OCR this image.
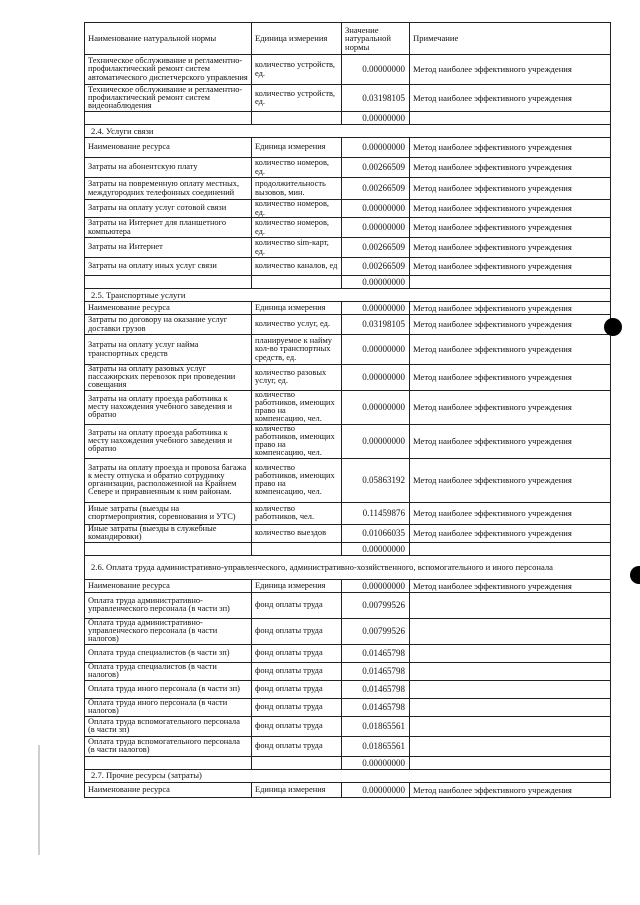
Наименование натуральной нормы	Единица измерения	Значение натуральной нормы	Примечание
Техническое обслуживание и регламентно-профилактический ремонт систем автоматического диспетчерского управления	количество устройств, ед.	0.00000000	Метод наиболее эффективного учреждения
Техническое обслуживание и регламентно-профилактический ремонт систем видеонаблюдения	количество устройств, ед.	0.03198105	Метод наиболее эффективного учреждения
		0.00000000	
2.4. Услуги связи			
Наименование ресурса	Единица измерения	0.00000000	Метод наиболее эффективного учреждения
Затраты на абонентскую плату	количество номеров, ед.	0.00266509	Метод наиболее эффективного учреждения
Затраты на повременную оплату местных, междугородних телефонных соединений	продолжительность вызовов, мин.	0.00266509	Метод наиболее эффективного учреждения
Затраты на оплату услуг сотовой связи	количество номеров, ед.	0.00000000	Метод наиболее эффективного учреждения
Затраты на Интернет для планшетного компьютера	количество номеров, ед.	0.00000000	Метод наиболее эффективного учреждения
Затраты на Интернет	количество sim-карт, ед.	0.00266509	Метод наиболее эффективного учреждения
Затраты на оплату иных услуг связи	количество каналов, ед	0.00266509	Метод наиболее эффективного учреждения
		0.00000000	
2.5. Транспортные услуги			
Наименование ресурса	Единица измерения	0.00000000	Метод наиболее эффективного учреждения
Затраты по договору на оказание услуг доставки грузов	количество услуг, ед.	0.03198105	Метод наиболее эффективного учреждения
Затраты на оплату услуг найма транспортных средств	планируемое к найму кол-во транспортных средств, ед.	0.00000000	Метод наиболее эффективного учреждения
Затраты на оплату разовых услуг пассажирских перевозок при проведении совещания	количество разовых услуг, ед.	0.00000000	Метод наиболее эффективного учреждения
Затраты на оплату проезда работника к месту нахождения учебного заведения и обратно	количество работников, имеющих право на компенсацию, чел.	0.00000000	Метод наиболее эффективного учреждения
Затраты на оплату проезда работника к месту нахождения учебного заведения и обратно	количество работников, имеющих право на компенсацию, чел.	0.00000000	Метод наиболее эффективного учреждения
Затраты на оплату проезда и провоза багажа к месту отпуска и обратно сотруднику организации, расположенной на Крайнем Севере и приравненным к ним районам.	количество работников, имеющих право на компенсацию, чел.	0.05863192	Метод наиболее эффективного учреждения
Иные затраты (выезды на спортмероприятия, соревнования и УТС)	количество работников, чел.	0.11459876	Метод наиболее эффективного учреждения
Иные затраты (выезды в служебные командировки)	количество выездов	0.01066035	Метод наиболее эффективного учреждения
		0.00000000	
2.6. Оплата труда административно-управленческого, административно-хозяйственного, вспомогательного и иного персонала			
Наименование ресурса	Единица измерения	0.00000000	Метод наиболее эффективного учреждения
Оплата труда административно-управленческого персонала (в части зп)	фонд оплаты труда	0.00799526	
Оплата труда административно-управленческого персонала (в части налогов)	фонд оплаты труда	0.00799526	
Оплата труда специалистов (в части зп)	фонд оплаты труда	0.01465798	
Оплата труда специалистов (в части налогов)	фонд оплаты труда	0.01465798	
Оплата труда иного персонала (в части зп)	фонд оплаты труда	0.01465798	
Оплата труда иного персонала (в части налогов)	фонд оплаты труда	0.01465798	
Оплата труда вспомогательного персонала (в части зп)	фонд оплаты труда	0.01865561	
Оплата труда вспомогательного персонала (в части налогов)	фонд оплаты труда	0.01865561	
		0.00000000	
2.7. Прочие ресурсы (затраты)			
Наименование ресурса	Единица измерения	0.00000000	Метод наиболее эффективного учреждения
